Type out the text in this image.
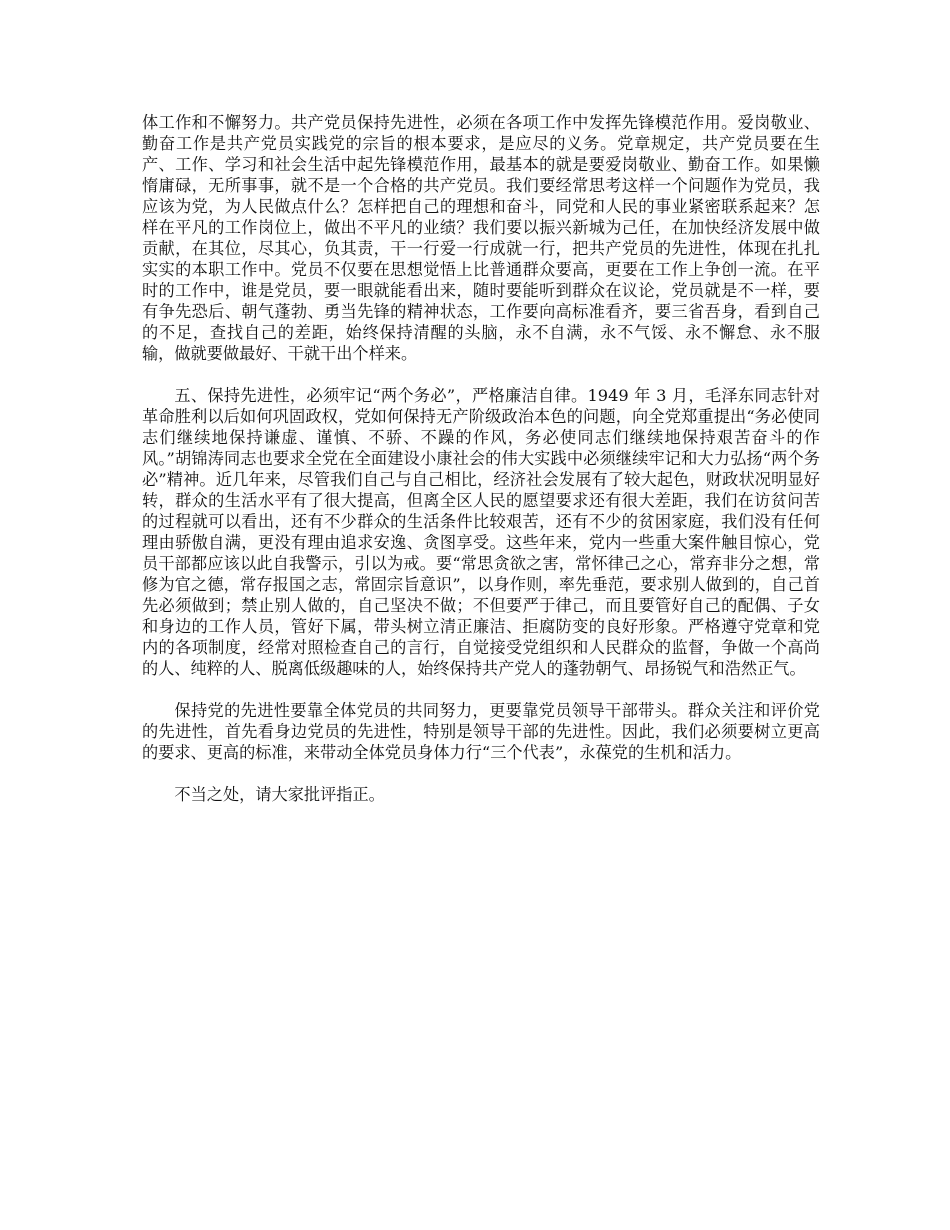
体工作和不懈努力。共产党员保持先进性，必须在各项工作中发挥先锋模范作用。爱岗敬业、勤奋工作是共产党员实践党的宗旨的根本要求，是应尽的义务。党章规定，共产党员要在生产、工作、学习和社会生活中起先锋模范作用，最基本的就是要爱岗敬业、勤奋工作。如果懒惰庸碌，无所事事，就不是一个合格的共产党员。我们要经常思考这样一个问题作为党员，我应该为党，为人民做点什么？怎样把自己的理想和奋斗，同党和人民的事业紧密联系起来？怎样在平凡的工作岗位上，做出不平凡的业绩？我们要以振兴新城为己任，在加快经济发展中做贡献，在其位，尽其心，负其责，干一行爱一行成就一行，把共产党员的先进性，体现在扎扎实实的本职工作中。党员不仅要在思想觉悟上比普通群众要高，更要在工作上争创一流。在平时的工作中，谁是党员，要一眼就能看出来，随时要能听到群众在议论，党员就是不一样，要有争先恐后、朝气蓬勃、勇当先锋的精神状态，工作要向高标准看齐，要三省吾身，看到自己的不足，查找自己的差距，始终保持清醒的头脑，永不自满，永不气馁、永不懈怠、永不服输，做就要做最好、干就干出个样来。

五、保持先进性，必须牢记“两个务必”，严格廉洁自律。1949 年 3 月，毛泽东同志针对革命胜利以后如何巩固政权，党如何保持无产阶级政治本色的问题，向全党郑重提出“务必使同志们继续地保持谦虚、谨慎、不骄、不躁的作风，务必使同志们继续地保持艰苦奋斗的作风。”胡锦涛同志也要求全党在全面建设小康社会的伟大实践中必须继续牢记和大力弘扬“两个务必”精神。近几年来，尽管我们自己与自己相比，经济社会发展有了较大起色，财政状况明显好转，群众的生活水平有了很大提高，但离全区人民的愿望要求还有很大差距，我们在访贫问苦的过程就可以看出，还有不少群众的生活条件比较艰苦，还有不少的贫困家庭，我们没有任何理由骄傲自满，更没有理由追求安逸、贪图享受。这些年来，党内一些重大案件触目惊心，党员干部都应该以此自我警示，引以为戒。要“常思贪欲之害，常怀律己之心，常弃非分之想，常修为官之德，常存报国之志，常固宗旨意识”，以身作则，率先垂范，要求别人做到的，自己首先必须做到；禁止别人做的，自己坚决不做；不但要严于律己，而且要管好自己的配偶、子女和身边的工作人员，管好下属，带头树立清正廉洁、拒腐防变的良好形象。严格遵守党章和党内的各项制度，经常对照检查自己的言行，自觉接受党组织和人民群众的监督，争做一个高尚的人、纯粹的人、脱离低级趣味的人，始终保持共产党人的蓬勃朝气、昂扬锐气和浩然正气。

保持党的先进性要靠全体党员的共同努力，更要靠党员领导干部带头。群众关注和评价党的先进性，首先看身边党员的先进性，特别是领导干部的先进性。因此，我们必须要树立更高的要求、更高的标准，来带动全体党员身体力行“三个代表”，永葆党的生机和活力。

不当之处，请大家批评指正。
